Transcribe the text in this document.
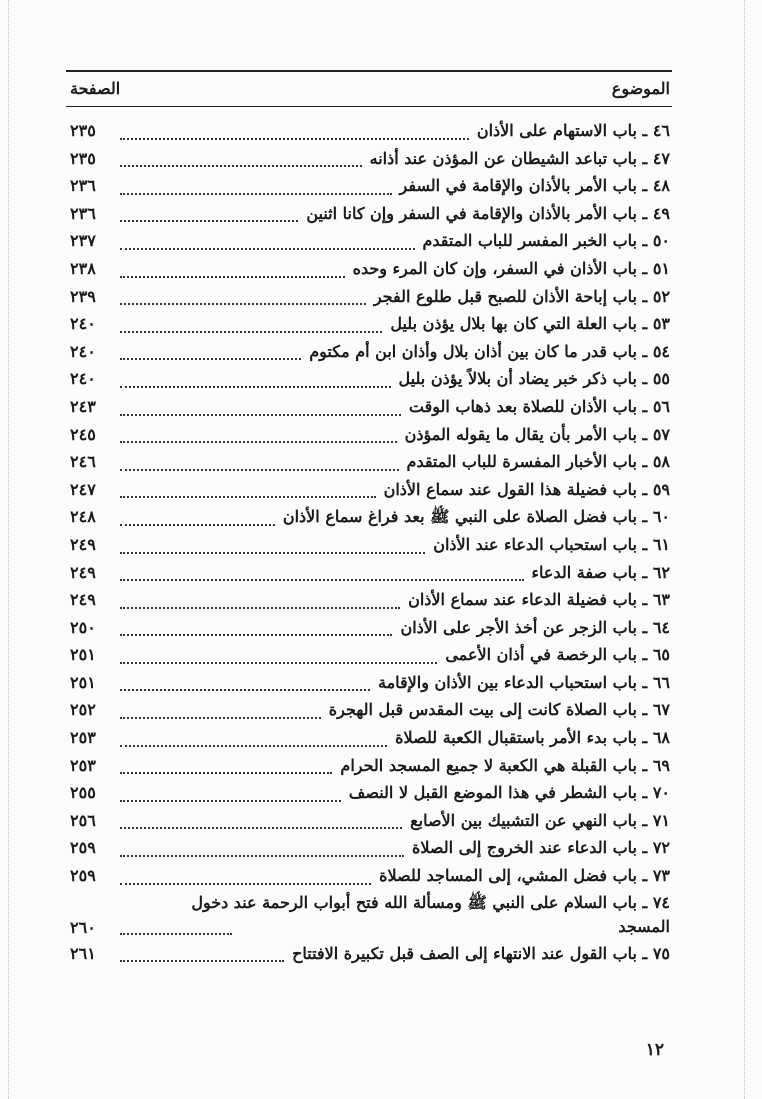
الموضوع
الصفحة
٤٦ ـ باب الاستهام على الأذان
٢٣٥
٤٧ ـ باب تباعد الشيطان عن المؤذن عند أذانه
٢٣٥
٤٨ ـ باب الأمر بالأذان والإقامة في السفر
٢٣٦
٤٩ ـ باب الأمر بالأذان والإقامة في السفر وإن كانا اثنين
٢٣٦
٥٠ ـ باب الخبر المفسر للباب المتقدم
٢٣٧
٥١ ـ باب الأذان في السفر، وإن كان المرء وحده
٢٣٨
٥٢ ـ باب إباحة الأذان للصبح قبل طلوع الفجر
٢٣٩
٥٣ ـ باب العلة التي كان بها بلال يؤذن بليل
٢٤٠
٥٤ ـ باب قدر ما كان بين أذان بلال وأذان ابن أم مكتوم
٢٤٠
٥٥ ـ باب ذكر خبر يضاد أن بلالاً يؤذن بليل
٢٤٠
٥٦ ـ باب الأذان للصلاة بعد ذهاب الوقت
٢٤٣
٥٧ ـ باب الأمر بأن يقال ما يقوله المؤذن
٢٤٥
٥٨ ـ باب الأخبار المفسرة للباب المتقدم
٢٤٦
٥٩ ـ باب فضيلة هذا القول عند سماع الأذان
٢٤٧
٦٠ ـ باب فضل الصلاة على النبي ﷺ بعد فراغ سماع الأذان
٢٤٨
٦١ ـ باب استحباب الدعاء عند الأذان
٢٤٩
٦٢ ـ باب صفة الدعاء
٢٤٩
٦٣ ـ باب فضيلة الدعاء عند سماع الأذان
٢٤٩
٦٤ ـ باب الزجر عن أخذ الأجر على الأذان
٢٥٠
٦٥ ـ باب الرخصة في أذان الأعمى
٢٥١
٦٦ ـ باب استحباب الدعاء بين الأذان والإقامة
٢٥١
٦٧ ـ باب الصلاة كانت إلى بيت المقدس قبل الهجرة
٢٥٢
٦٨ ـ باب بدء الأمر باستقبال الكعبة للصلاة
٢٥٣
٦٩ ـ باب القبلة هي الكعبة لا جميع المسجد الحرام
٢٥٣
٧٠ ـ باب الشطر في هذا الموضع القبل لا النصف
٢٥٥
٧١ ـ باب النهي عن التشبيك بين الأصابع
٢٥٦
٧٢ ـ باب الدعاء عند الخروج إلى الصلاة
٢٥٩
٧٣ ـ باب فضل المشي، إلى المساجد للصلاة
٢٥٩
٧٤ ـ باب السلام على النبي ﷺ ومسألة الله فتح أبواب الرحمة عند دخول المسجد
٢٦٠
٧٥ ـ باب القول عند الانتهاء إلى الصف قبل تكبيرة الافتتاح
٢٦١
١٢
